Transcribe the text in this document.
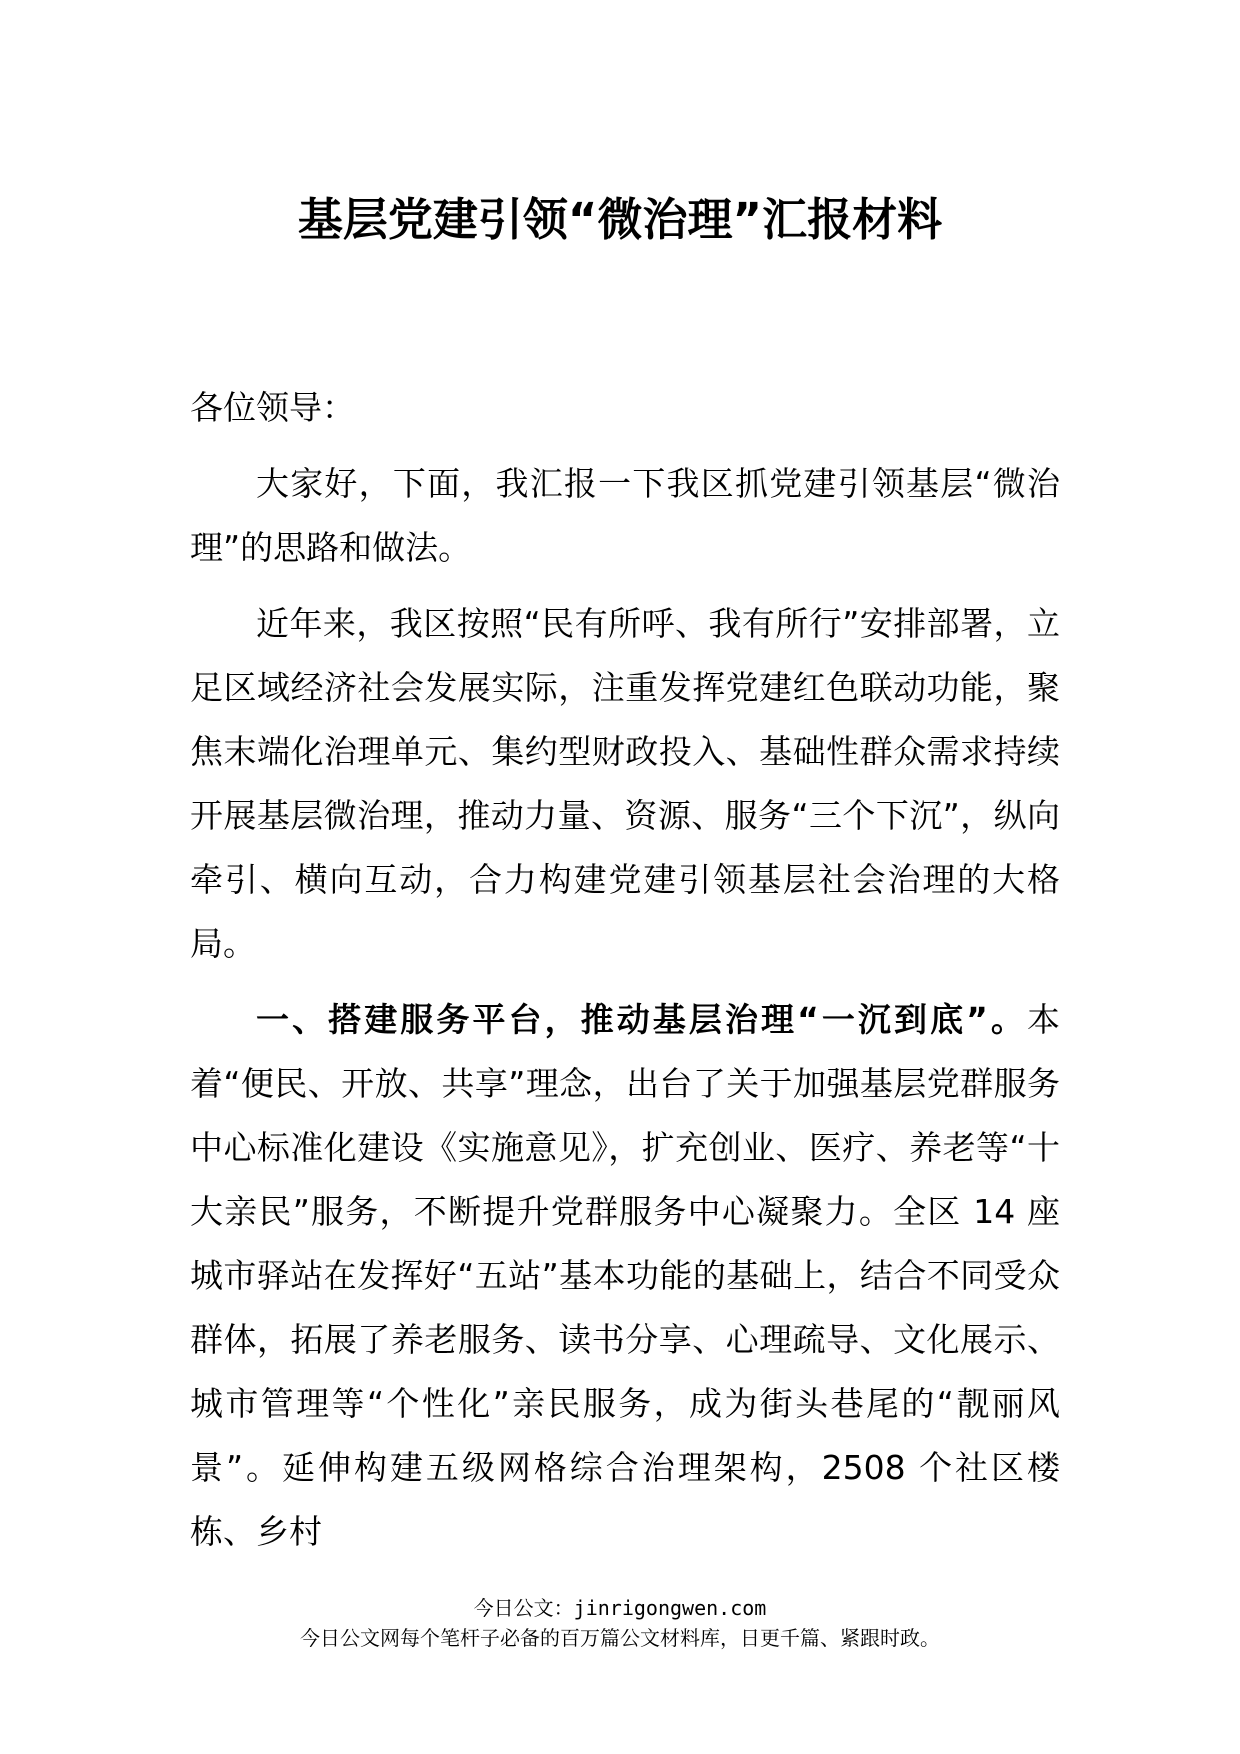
基层党建引领“微治理”汇报材料

各位领导：

大家好，下面，我汇报一下我区抓党建引领基层“微治理”的思路和做法。

近年来，我区按照“民有所呼、我有所行”安排部署，立足区域经济社会发展实际，注重发挥党建红色联动功能，聚焦末端化治理单元、集约型财政投入、基础性群众需求持续开展基层微治理，推动力量、资源、服务“三个下沉”，纵向牵引、横向互动，合力构建党建引领基层社会治理的大格局。

一、搭建服务平台，推动基层治理“一沉到底”。本着“便民、开放、共享”理念，出台了关于加强基层党群服务中心标准化建设《实施意见》，扩充创业、医疗、养老等“十大亲民”服务，不断提升党群服务中心凝聚力。全区 14 座城市驿站在发挥好“五站”基本功能的基础上，结合不同受众群体，拓展了养老服务、读书分享、心理疏导、文化展示、城市管理等“个性化”亲民服务，成为街头巷尾的“靓丽风景”。延伸构建五级网格综合治理架构，2508 个社区楼栋、乡村

今日公文：jinrigongwen.com
今日公文网每个笔杆子必备的百万篇公文材料库，日更千篇、紧跟时政。
